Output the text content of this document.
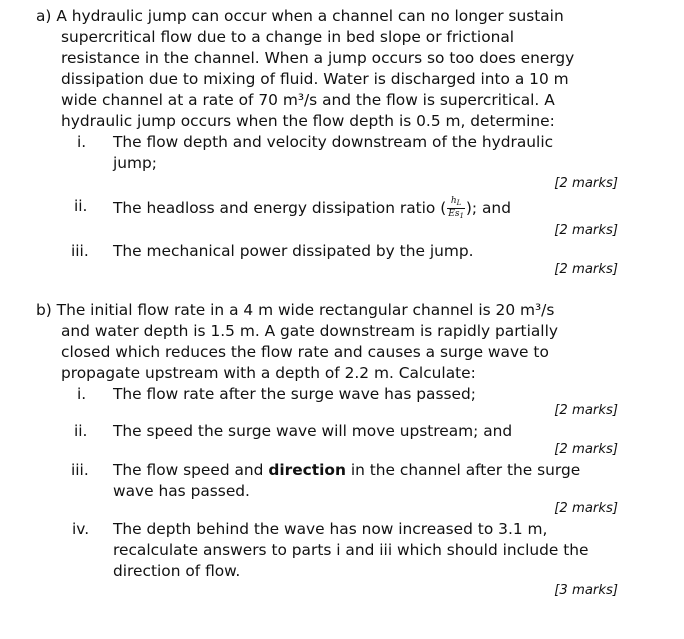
a) A hydraulic jump can occur when a channel can no longer sustain
supercritical flow due to a change in bed slope or frictional
resistance in the channel. When a jump occurs so too does energy
dissipation due to mixing of fluid. Water is discharged into a 10 m
wide channel at a rate of 70 m³/s and the flow is supercritical. A
hydraulic jump occurs when the flow depth is 0.5 m, determine:
i. The flow depth and velocity downstream of the hydraulic
jump;
[2 marks]
ii. The headloss and energy dissipation ratio ( $\frac{h_L}{Es_1}$ ); and
[2 marks]
iii. The mechanical power dissipated by the jump.
[2 marks]
b) The initial flow rate in a 4 m wide rectangular channel is 20 m³/s
and water depth is 1.5 m. A gate downstream is rapidly partially
closed which reduces the flow rate and causes a surge wave to
propagate upstream with a depth of 2.2 m. Calculate:
i. The flow rate after the surge wave has passed;
[2 marks]
ii. The speed the surge wave will move upstream; and
[2 marks]
iii. The flow speed and direction in the channel after the surge
wave has passed.
[2 marks]
iv. The depth behind the wave has now increased to 3.1 m,
recalculate answers to parts i and iii which should include the
direction of flow.
[3 marks]
